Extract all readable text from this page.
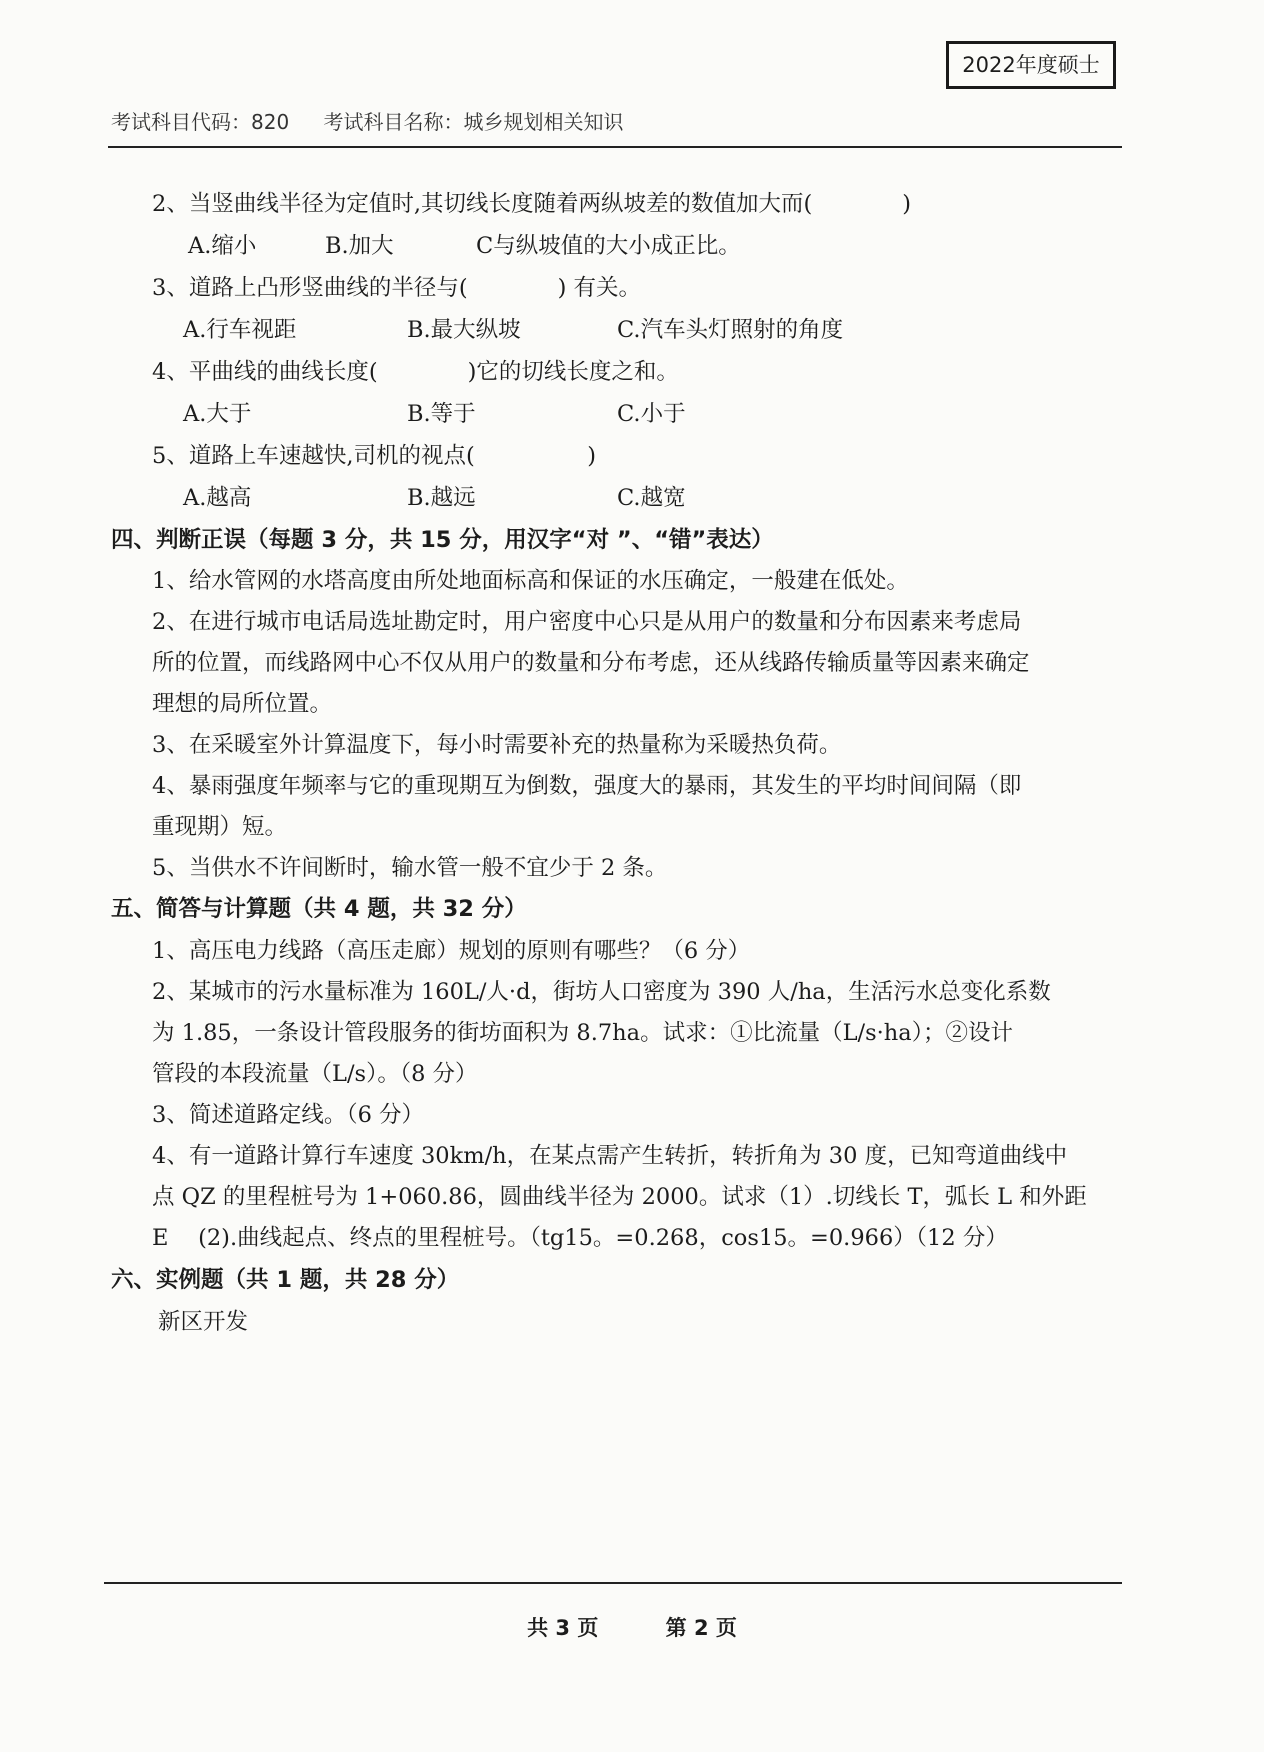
2022年度硕士
考试科目代码：820 考试科目名称：城乡规划相关知识
2、当竖曲线半径为定值时,其切线长度随着两纵坡差的数值加大而(　　　　)
A.缩小	B.加大	C与纵坡值的大小成正比。
3、道路上凸形竖曲线的半径与(　　　　) 有关。
A.行车视距	B.最大纵坡	C.汽车头灯照射的角度
4、平曲线的曲线长度(　　　　)它的切线长度之和。
A.大于	B.等于	C.小于
5、道路上车速越快,司机的视点(　　　　　)
A.越高	B.越远	C.越宽
四、判断正误（每题 3 分，共 15 分，用汉字“对 ”、“错”表达）
1、给水管网的水塔高度由所处地面标高和保证的水压确定，一般建在低处。
2、在进行城市电话局选址勘定时，用户密度中心只是从用户的数量和分布因素来考虑局
所的位置，而线路网中心不仅从用户的数量和分布考虑，还从线路传输质量等因素来确定
理想的局所位置。
3、在采暖室外计算温度下，每小时需要补充的热量称为采暖热负荷。
4、暴雨强度年频率与它的重现期互为倒数，强度大的暴雨，其发生的平均时间间隔（即
重现期）短。
5、当供水不许间断时，输水管一般不宜少于 2 条。
五、简答与计算题（共 4 题，共 32 分）
1、高压电力线路（高压走廊）规划的原则有哪些？（6 分）
2、某城市的污水量标准为 160L/人·d，街坊人口密度为 390 人/ha，生活污水总变化系数
为 1.85，一条设计管段服务的街坊面积为 8.7ha。试求：①比流量（L/s·ha）；②设计
管段的本段流量（L/s）。（8 分）
3、简述道路定线。（6 分）
4、有一道路计算行车速度 30km/h，在某点需产生转折，转折角为 30 度，已知弯道曲线中
点 QZ 的里程桩号为 1+060.86，圆曲线半径为 2000。试求（1）.切线长 T，弧长 L 和外距
E　 (2).曲线起点、终点的里程桩号。（tg15。=0.268，cos15。=0.966）（12 分）
六、实例题（共 1 题，共 28 分）
新区开发
共 3 页	第 2 页
